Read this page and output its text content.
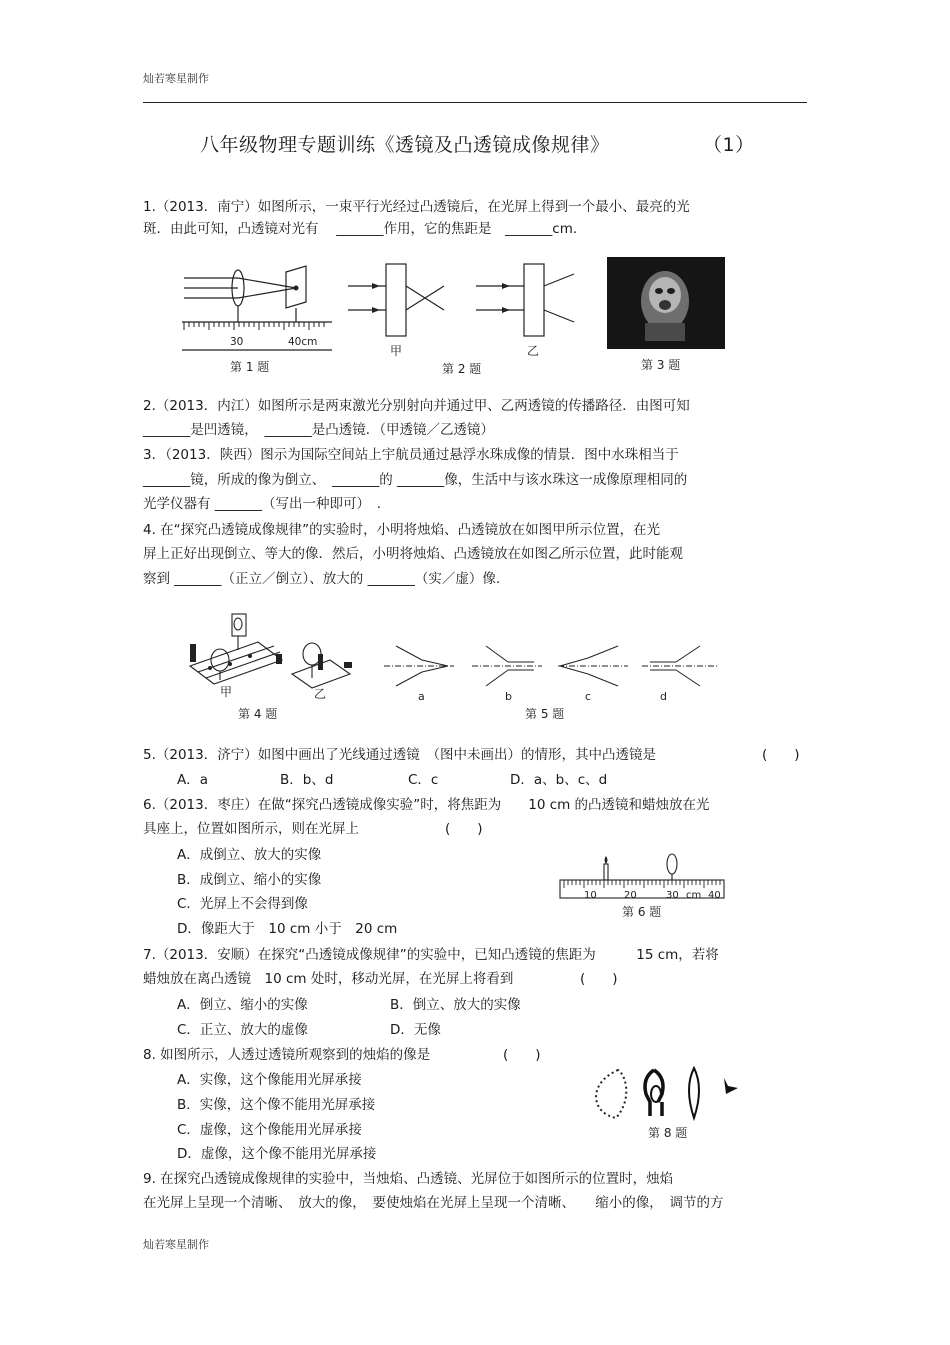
灿若寒星制作
灿若寒星制作
八年级物理专题训练《透镜及凸透镜成像规律》	（1）
1.（2013．南宁）如图所示，一束平行光经过凸透镜后，在光屏上得到一个最小、最亮的光
斑．由此可知，凸透镜对光有　 _______作用，它的焦距是　_______cm．
30	40cm
第 1 题
甲	乙
第 2 题	第 3 题
2.（2013．内江）如图所示是两束激光分别射向并通过甲、乙两透镜的传播路径．由图可知
_______是凹透镜，　_______是凸透镜．（甲透镜／乙透镜）
3．（2013．陕西）图示为国际空间站上宇航员通过悬浮水珠成像的情景．图中水珠相当于
_______镜，所成的像为倒立、　_______的 _______像，生活中与该水珠这一成像原理相同的
光学仪器有 _______（写出一种即可）　.
4. 在“探究凸透镜成像规律”的实验时，小明将烛焰、凸透镜放在如图甲所示位置，在光
屏上正好出现倒立、等大的像．然后，小明将烛焰、凸透镜放在如图乙所示位置，此时能观
察到 _______（正立／倒立）、放大的 _______（实／虚）像.
甲	乙
第 4 题
a	b	c	d
第 5 题
5.（2013．济宁）如图中画出了光线通过透镜　（图中未画出）的情形，其中凸透镜是	(　　)
A．a	B．b、d	C．c	D．a、b、c、d
6.（2013．枣庄）在做“探究凸透镜成像实验”时，将焦距为　　10 cm 的凸透镜和蜡烛放在光
具座上，位置如图所示，则在光屏上	(　　)
A．成倒立、放大的实像
B．成倒立、缩小的实像
C．光屏上不会得到像
D．像距大于　10 cm 小于　20 cm
10	20	30 cm 40
第 6 题
7.（2013．安顺）在探究“凸透镜成像规律”的实验中，已知凸透镜的焦距为　　　15 cm，若将
蜡烛放在离凸透镜　10 cm 处时，移动光屏，在光屏上将看到	(　　)
A．倒立、缩小的实像	B．倒立、放大的实像
C．正立、放大的虚像	D．无像
8. 如图所示，人透过透镜所观察到的烛焰的像是	(　　)
A．实像，这个像能用光屏承接
B．实像，这个像不能用光屏承接
C．虚像，这个像能用光屏承接
D．虚像，这个像不能用光屏承接
第 8 题
9. 在探究凸透镜成像规律的实验中，当烛焰、凸透镜、光屏位于如图所示的位置时，烛焰
在光屏上呈现一个清晰、　放大的像，　要使烛焰在光屏上呈现一个清晰、　　缩小的像，　调节的方
